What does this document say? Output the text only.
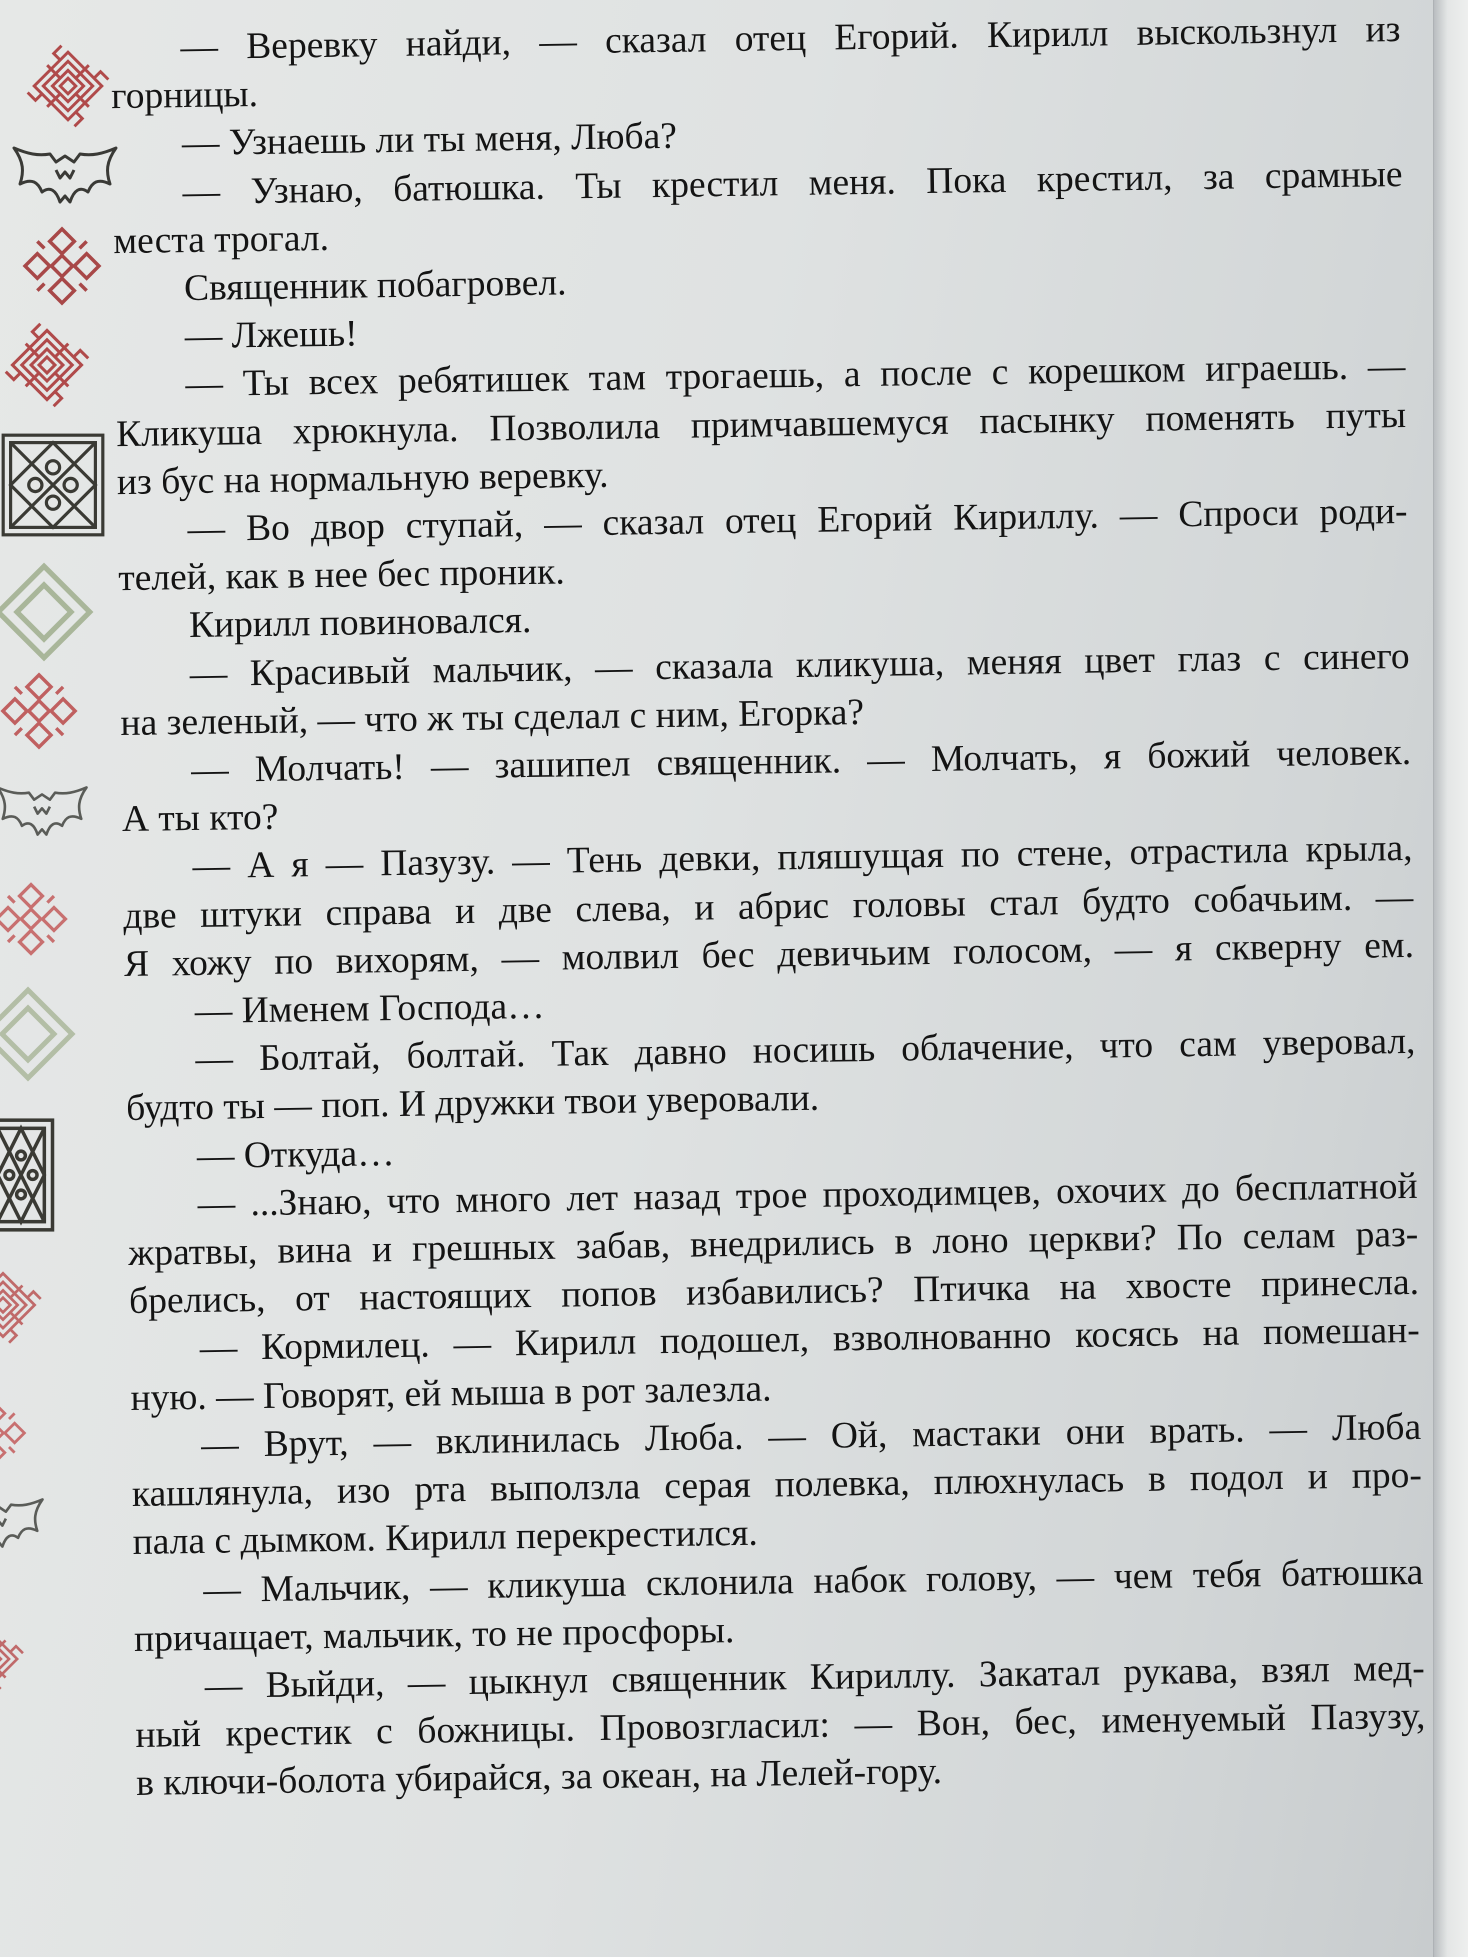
— Веревку найди, — сказал отец Егорий. Кирилл выскользнул из

горницы.

— Узнаешь ли ты меня, Люба?

— Узнаю, батюшка. Ты крестил меня. Пока крестил, за срамные

места трогал.

Священник побагровел.

— Лжешь!

— Ты всех ребятишек там трогаешь, а после с корешком играешь. —

Кликуша хрюкнула. Позволила примчавшемуся пасынку поменять путы

из бус на нормальную веревку.

— Во двор ступай, — сказал отец Егорий Кириллу. — Спроси роди-

телей, как в нее бес проник.

Кирилл повиновался.

— Красивый мальчик, — сказала кликуша, меняя цвет глаз с синего

на зеленый, — что ж ты сделал с ним, Егорка?

— Молчать! — зашипел священник. — Молчать, я божий человек.

А ты кто?

— А я — Пазузу. — Тень девки, пляшущая по стене, отрастила крыла,

две штуки справа и две слева, и абрис головы стал будто собачьим. —

Я хожу по вихорям, — молвил бес девичьим голосом, — я скверну ем.

— Именем Господа…

— Болтай, болтай. Так давно носишь облачение, что сам уверовал,

будто ты — поп. И дружки твои уверовали.

— Откуда…

— ...Знаю, что много лет назад трое проходимцев, охочих до бесплатной

жратвы, вина и грешных забав, внедрились в лоно церкви? По селам раз-

брелись, от настоящих попов избавились? Птичка на хвосте принесла.

— Кормилец. — Кирилл подошел, взволнованно косясь на помешан-

ную. — Говорят, ей мыша в рот залезла.

— Врут, — вклинилась Люба. — Ой, мастаки они врать. — Люба

кашлянула, изо рта выползла серая полевка, плюхнулась в подол и про-

пала с дымком. Кирилл перекрестился.

— Мальчик, — кликуша склонила набок голову, — чем тебя батюшка

причащает, мальчик, то не просфоры.

— Выйди, — цыкнул священник Кириллу. Закатал рукава, взял мед-

ный крестик с божницы. Провозгласил: — Вон, бес, именуемый Пазузу,

в ключи-болота убирайся, за океан, на Лелей-гору.
